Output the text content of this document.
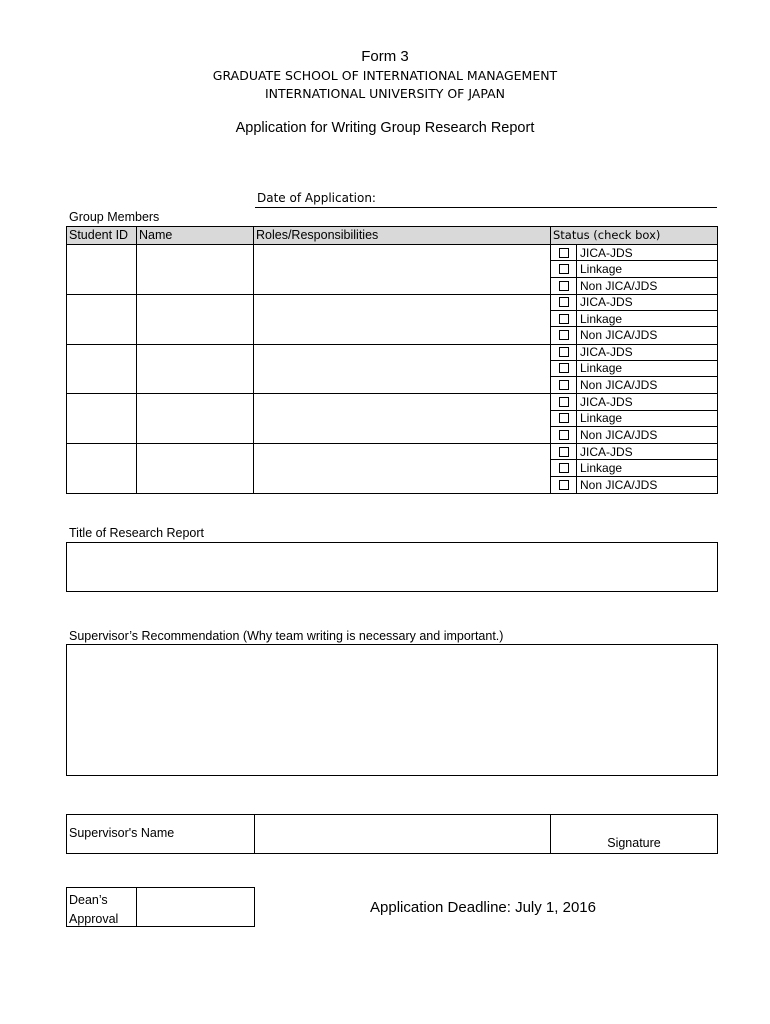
Form 3
GRADUATE SCHOOL OF INTERNATIONAL MANAGEMENT
INTERNATIONAL UNIVERSITY OF JAPAN
Application for Writing Group Research Report
Date of Application:
Group Members
Student ID	Name	Roles/Responsibilities	Status (check box)

			JICA-JDS
Linkage
Non JICA/JDS

			JICA-JDS
Linkage
Non JICA/JDS

			JICA-JDS
Linkage
Non JICA/JDS

			JICA-JDS
Linkage
Non JICA/JDS

			JICA-JDS
Linkage
Non JICA/JDS
Title of Research Report
Supervisor’s Recommendation (Why team writing is necessary and important.)
Supervisor's Name
Signature
Dean’s
Approval
Application Deadline: July 1, 2016
